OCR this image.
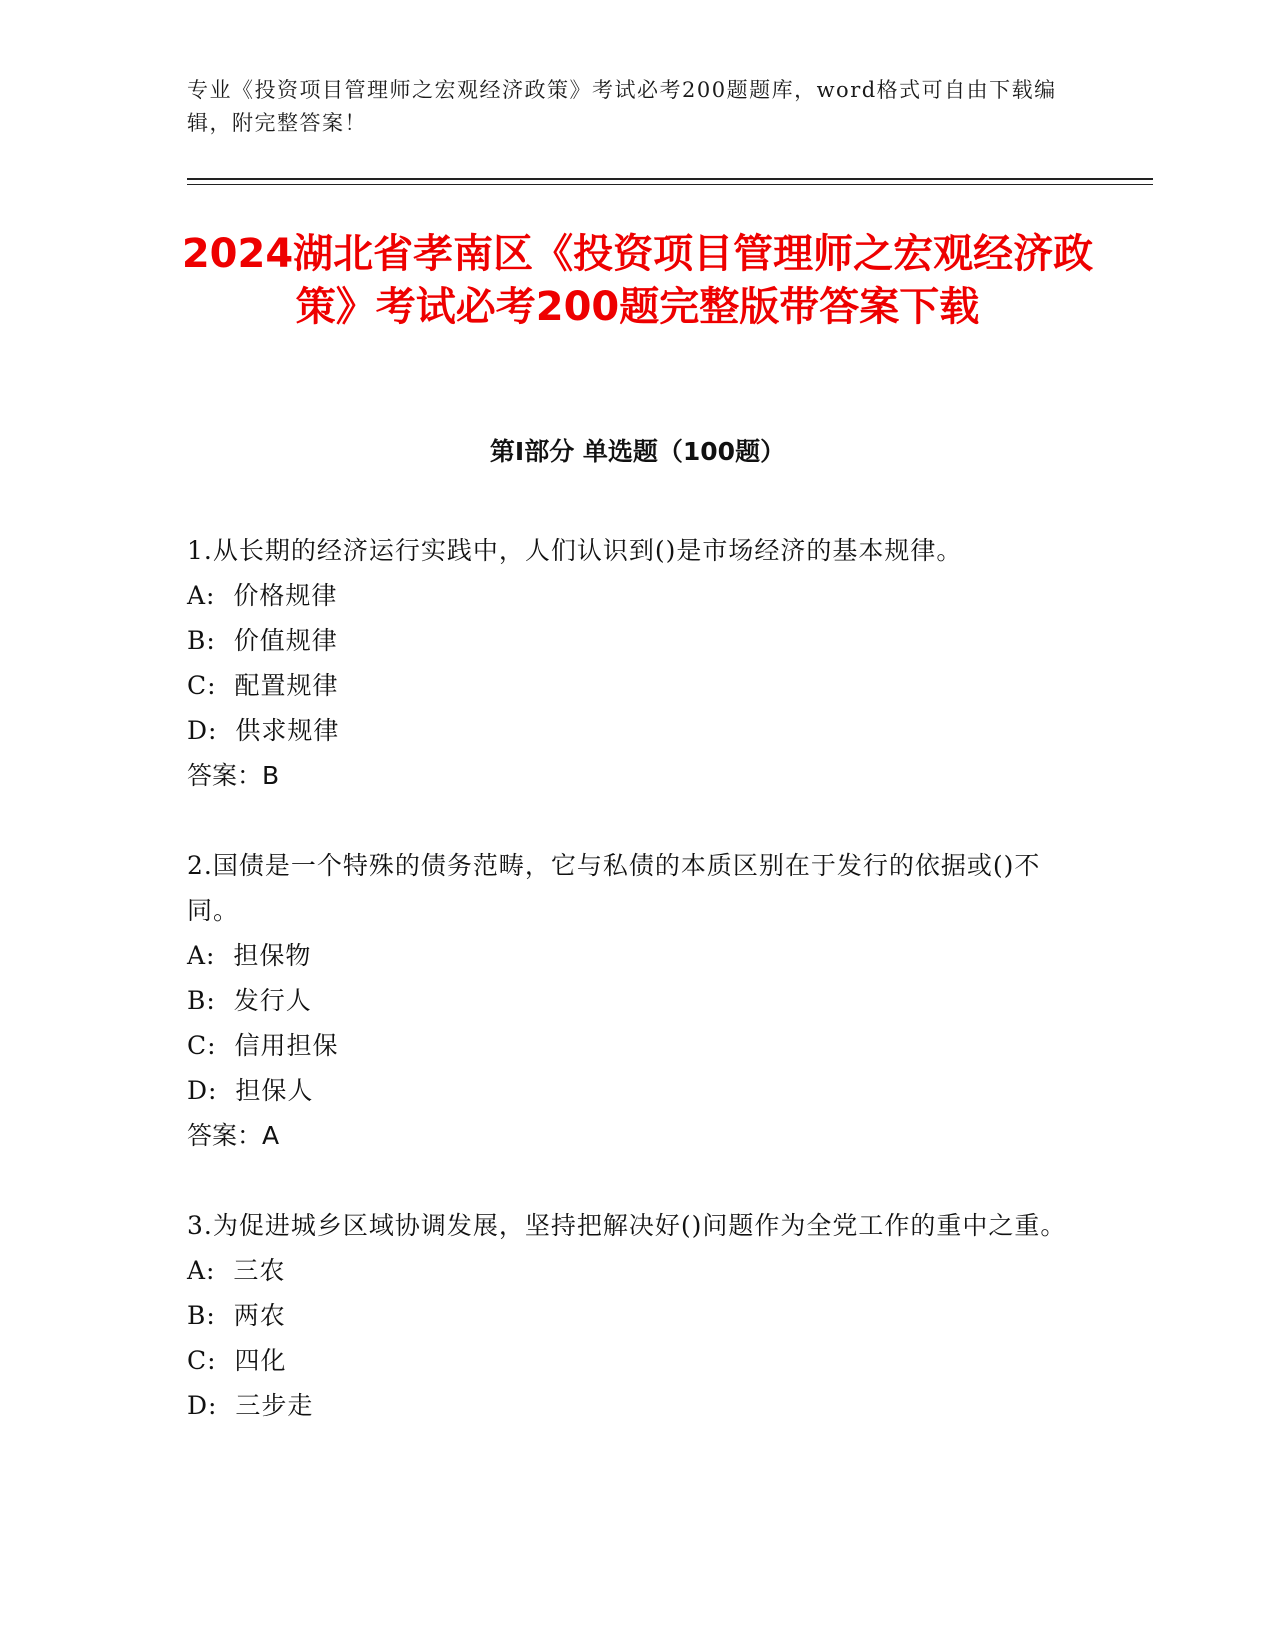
专业《投资项目管理师之宏观经济政策》考试必考200题题库，word格式可自由下载编辑，附完整答案！
2024湖北省孝南区《投资项目管理师之宏观经济政策》考试必考200题完整版带答案下载
第I部分 单选题（100题）
1.从长期的经济运行实践中，人们认识到()是市场经济的基本规律。
A:  价格规律
B:  价值规律
C:  配置规律
D:  供求规律
答案：B
2.国债是一个特殊的债务范畴，它与私债的本质区别在于发行的依据或()不同。
A:  担保物
B:  发行人
C:  信用担保
D:  担保人
答案：A
3.为促进城乡区域协调发展，坚持把解决好()问题作为全党工作的重中之重。
A:  三农
B:  两农
C:  四化
D:  三步走
